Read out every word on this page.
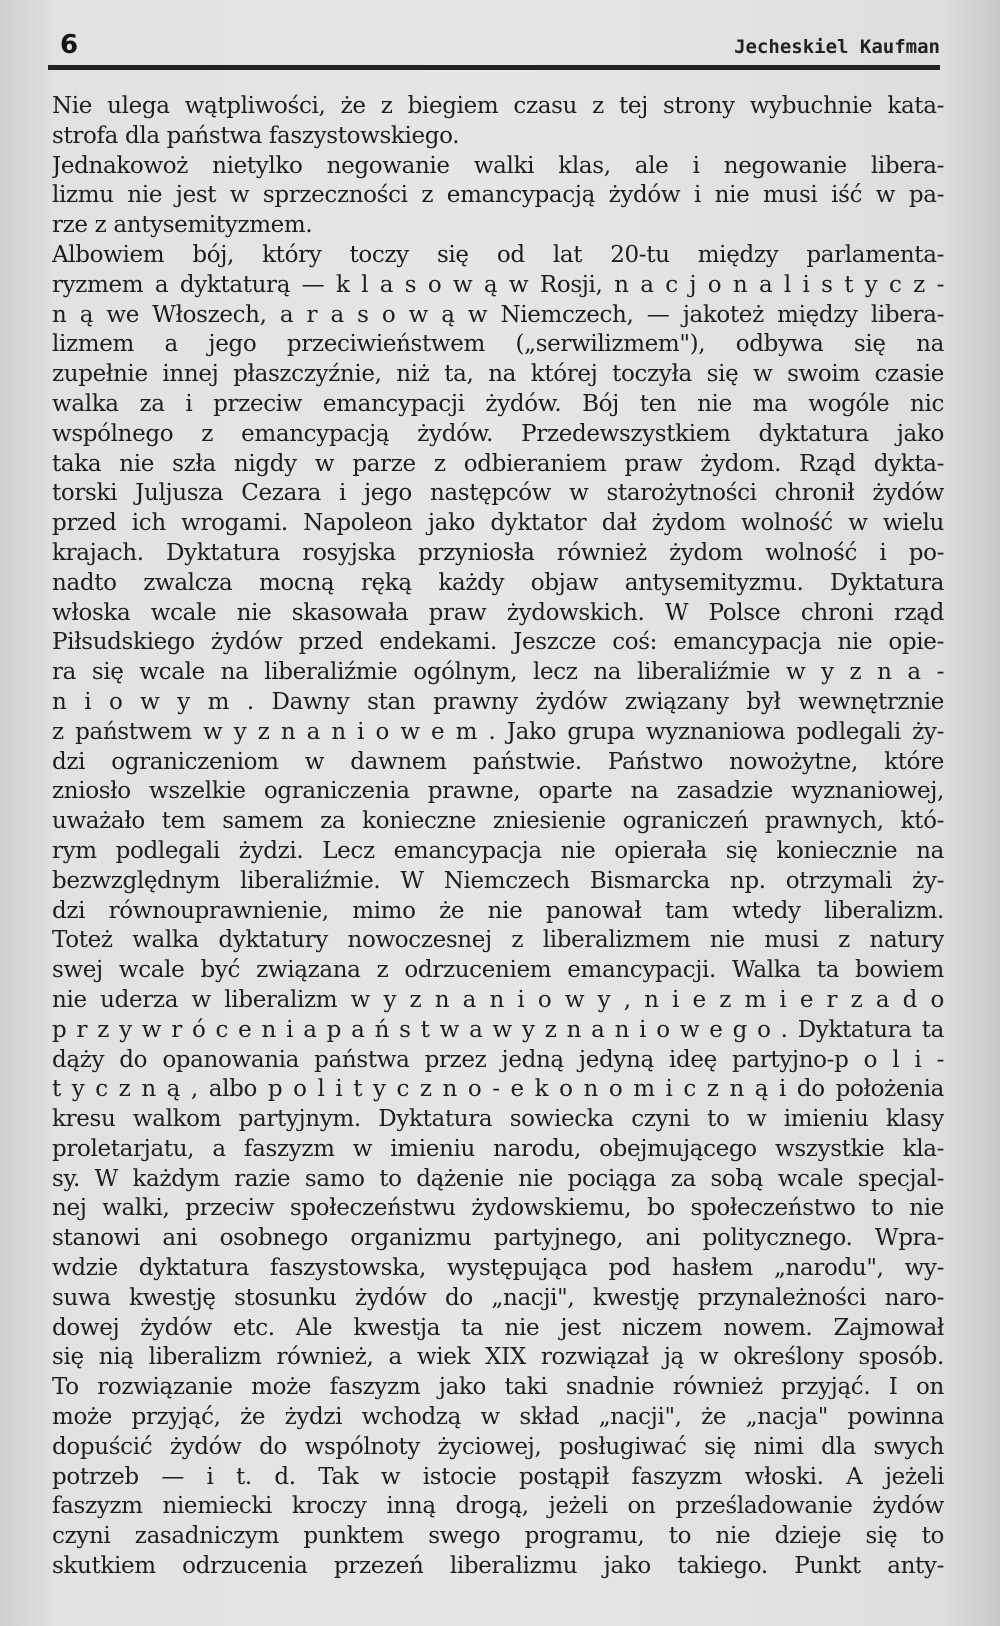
6	Jecheskiel Kaufman
Nie ulega wątpliwości, że z biegiem czasu z tej strony wybuchnie kata-
strofa dla państwa faszystowskiego.
Jednakowoż nietylko negowanie walki klas, ale i negowanie libera-
lizmu nie jest w sprzeczności z emancypacją żydów i nie musi iść w pa-
rze z antysemityzmem.
Albowiem bój, który toczy się od lat 20-tu między parlamenta-
ryzmem a dyktaturą — k l a s o w ą w Rosji, n a c j o n a l i s t y c z -
n ą we Włoszech, a r a s o w ą w Niemczech, — jakoteż między libera-
lizmem a jego przeciwieństwem („serwilizmem"), odbywa się na
zupełnie innej płaszczyźnie, niż ta, na której toczyła się w swoim czasie
walka za i przeciw emancypacji żydów. Bój ten nie ma wogóle nic
wspólnego z emancypacją żydów. Przedewszystkiem dyktatura jako
taka nie szła nigdy w parze z odbieraniem praw żydom. Rząd dykta-
torski Juljusza Cezara i jego następców w starożytności chronił żydów
przed ich wrogami. Napoleon jako dyktator dał żydom wolność w wielu
krajach. Dyktatura rosyjska przyniosła również żydom wolność i po-
nadto zwalcza mocną ręką każdy objaw antysemityzmu. Dyktatura
włoska wcale nie skasowała praw żydowskich. W Polsce chroni rząd
Piłsudskiego żydów przed endekami. Jeszcze coś: emancypacja nie opie-
ra się wcale na liberaliźmie ogólnym, lecz na liberaliźmie w y z n a -
n i o w y m . Dawny stan prawny żydów związany był wewnętrznie
z państwem w y z n a n i o w e m . Jako grupa wyznaniowa podlegali ży-
dzi ograniczeniom w dawnem państwie. Państwo nowożytne, które
zniosło wszelkie ograniczenia prawne, oparte na zasadzie wyznaniowej,
uważało tem samem za konieczne zniesienie ograniczeń prawnych, któ-
rym podlegali żydzi. Lecz emancypacja nie opierała się koniecznie na
bezwzględnym liberaliźmie. W Niemczech Bismarcka np. otrzymali ży-
dzi równouprawnienie, mimo że nie panował tam wtedy liberalizm.
Toteż walka dyktatury nowoczesnej z liberalizmem nie musi z natury
swej wcale być związana z odrzuceniem emancypacji. Walka ta bowiem
nie uderza w liberalizm w y z n a n i o w y , n i e z m i e r z a d o
p r z y w r ó c e n i a p a ń s t w a w y z n a n i o w e g o . Dyktatura ta
dąży do opanowania państwa przez jedną jedyną ideę partyjno-p o l i -
t y c z n ą , albo p o l i t y c z n o - e k o n o m i c z n ą i do położenia
kresu walkom partyjnym. Dyktatura sowiecka czyni to w imieniu klasy
proletarjatu, a faszyzm w imieniu narodu, obejmującego wszystkie kla-
sy. W każdym razie samo to dążenie nie pociąga za sobą wcale specjal-
nej walki, przeciw społeczeństwu żydowskiemu, bo społeczeństwo to nie
stanowi ani osobnego organizmu partyjnego, ani politycznego. Wpra-
wdzie dyktatura faszystowska, występująca pod hasłem „narodu", wy-
suwa kwestję stosunku żydów do „nacji", kwestję przynależności naro-
dowej żydów etc. Ale kwestja ta nie jest niczem nowem. Zajmował
się nią liberalizm również, a wiek XIX rozwiązał ją w określony sposób.
To rozwiązanie może faszyzm jako taki snadnie również przyjąć. I on
może przyjąć, że żydzi wchodzą w skład „nacji", że „nacja" powinna
dopuścić żydów do wspólnoty życiowej, posługiwać się nimi dla swych
potrzeb — i t. d. Tak w istocie postąpił faszyzm włoski. A jeżeli
faszyzm niemiecki kroczy inną drogą, jeżeli on prześladowanie żydów
czyni zasadniczym punktem swego programu, to nie dzieje się to
skutkiem odrzucenia przezeń liberalizmu jako takiego. Punkt anty-
